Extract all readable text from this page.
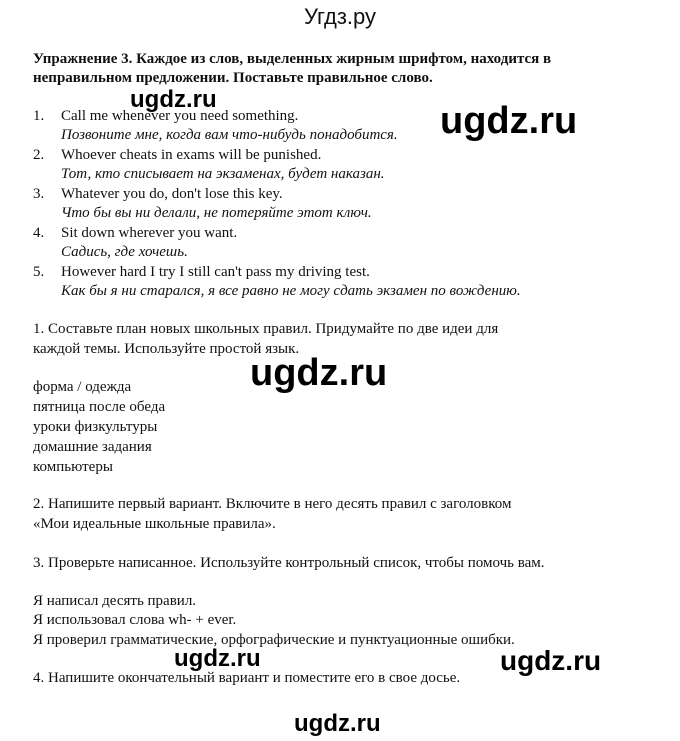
Угдз.ру
Упражнение 3. Каждое из слов, выделенных жирным шрифтом, находится в неправильном предложении. Поставьте правильное слово.
1. Call me whenever you need something.
Позвоните мне, когда вам что-нибудь понадобится.
2. Whoever cheats in exams will be punished.
Тот, кто списывает на экзаменах, будет наказан.
3. Whatever you do, don't lose this key.
Что бы вы ни делали, не потеряйте этот ключ.
4. Sit down wherever you want.
Садись, где хочешь.
5. However hard I try I still can't pass my driving test.
Как бы я ни старался, я все равно не могу сдать экзамен по вождению.
1. Составьте план новых школьных правил. Придумайте по две идеи для
каждой темы. Используйте простой язык.
форма / одежда
пятница после обеда
уроки физкультуры
домашние задания
компьютеры
2. Напишите первый вариант. Включите в него десять правил с заголовком
«Мои идеальные школьные правила».
3. Проверьте написанное. Используйте контрольный список, чтобы помочь вам.
Я написал десять правил.
Я использовал слова wh- + ever.
Я проверил грамматические, орфографические и пунктуационные ошибки.
4. Напишите окончательный вариант и поместите его в свое досье.
ugdz.ru
ugdz.ru
ugdz.ru
ugdz.ru	ugdz.ru
ugdz.ru
